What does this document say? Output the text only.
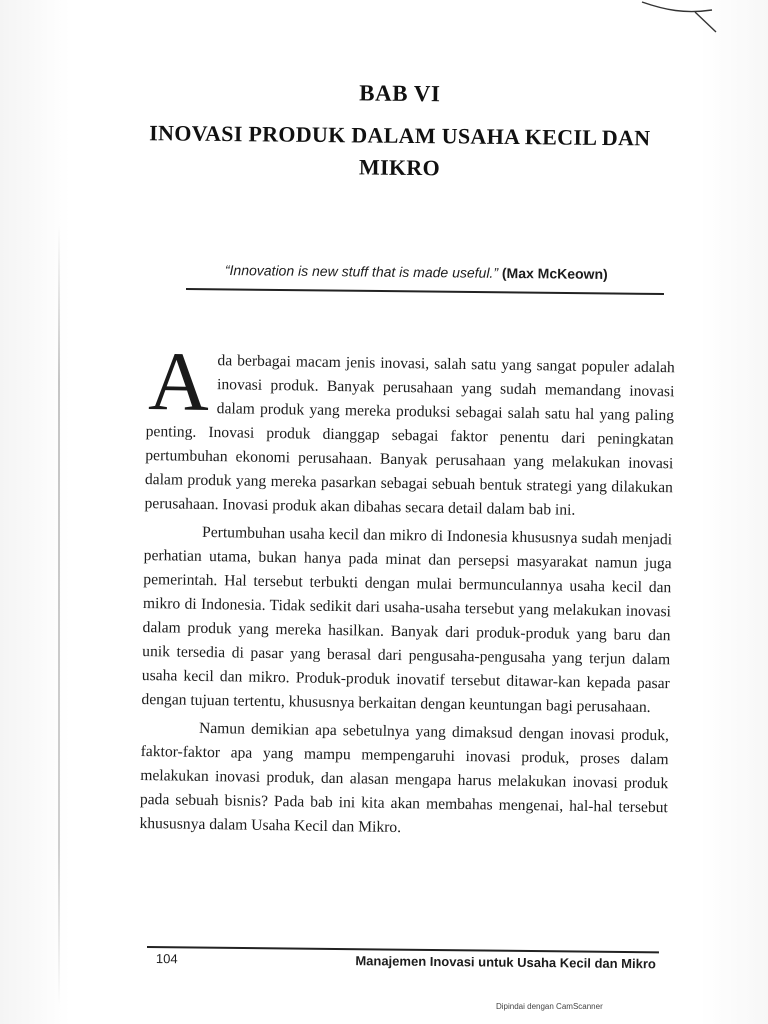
BAB VI
INOVASI PRODUK DALAM USAHA KECIL DAN MIKRO
“Innovation is new stuff that is made useful.” (Max McKeown)

Ada berbagai macam jenis inovasi, salah satu yang sangat populer adalah inovasi produk. Banyak perusahaan yang sudah memandang inovasi dalam produk yang mereka produksi sebagai salah satu hal yang paling penting. Inovasi produk dianggap sebagai faktor penentu dari peningkatan pertumbuhan ekonomi perusahaan. Banyak perusahaan yang melakukan inovasi dalam produk yang mereka pasarkan sebagai sebuah bentuk strategi yang dilakukan perusahaan. Inovasi produk akan dibahas secara detail dalam bab ini.

Pertumbuhan usaha kecil dan mikro di Indonesia khususnya sudah menjadi perhatian utama, bukan hanya pada minat dan persepsi masyarakat namun juga pemerintah. Hal tersebut terbukti dengan mulai bermunculannya usaha kecil dan mikro di Indonesia. Tidak sedikit dari usaha-usaha tersebut yang melakukan inovasi dalam produk yang mereka hasilkan. Banyak dari produk-produk yang baru dan unik tersedia di pasar yang berasal dari pengusaha-pengusaha yang terjun dalam usaha kecil dan mikro. Produk-produk inovatif tersebut ditawar-kan kepada pasar dengan tujuan tertentu, khususnya berkaitan dengan keuntungan bagi perusahaan.

Namun demikian apa sebetulnya yang dimaksud dengan inovasi produk, faktor-faktor apa yang mampu mempengaruhi inovasi produk, proses dalam melakukan inovasi produk, dan alasan mengapa harus melakukan inovasi produk pada sebuah bisnis? Pada bab ini kita akan membahas mengenai, hal-hal tersebut khususnya dalam Usaha Kecil dan Mikro.

104	Manajemen Inovasi untuk Usaha Kecil dan Mikro
Dipindai dengan CamScanner
